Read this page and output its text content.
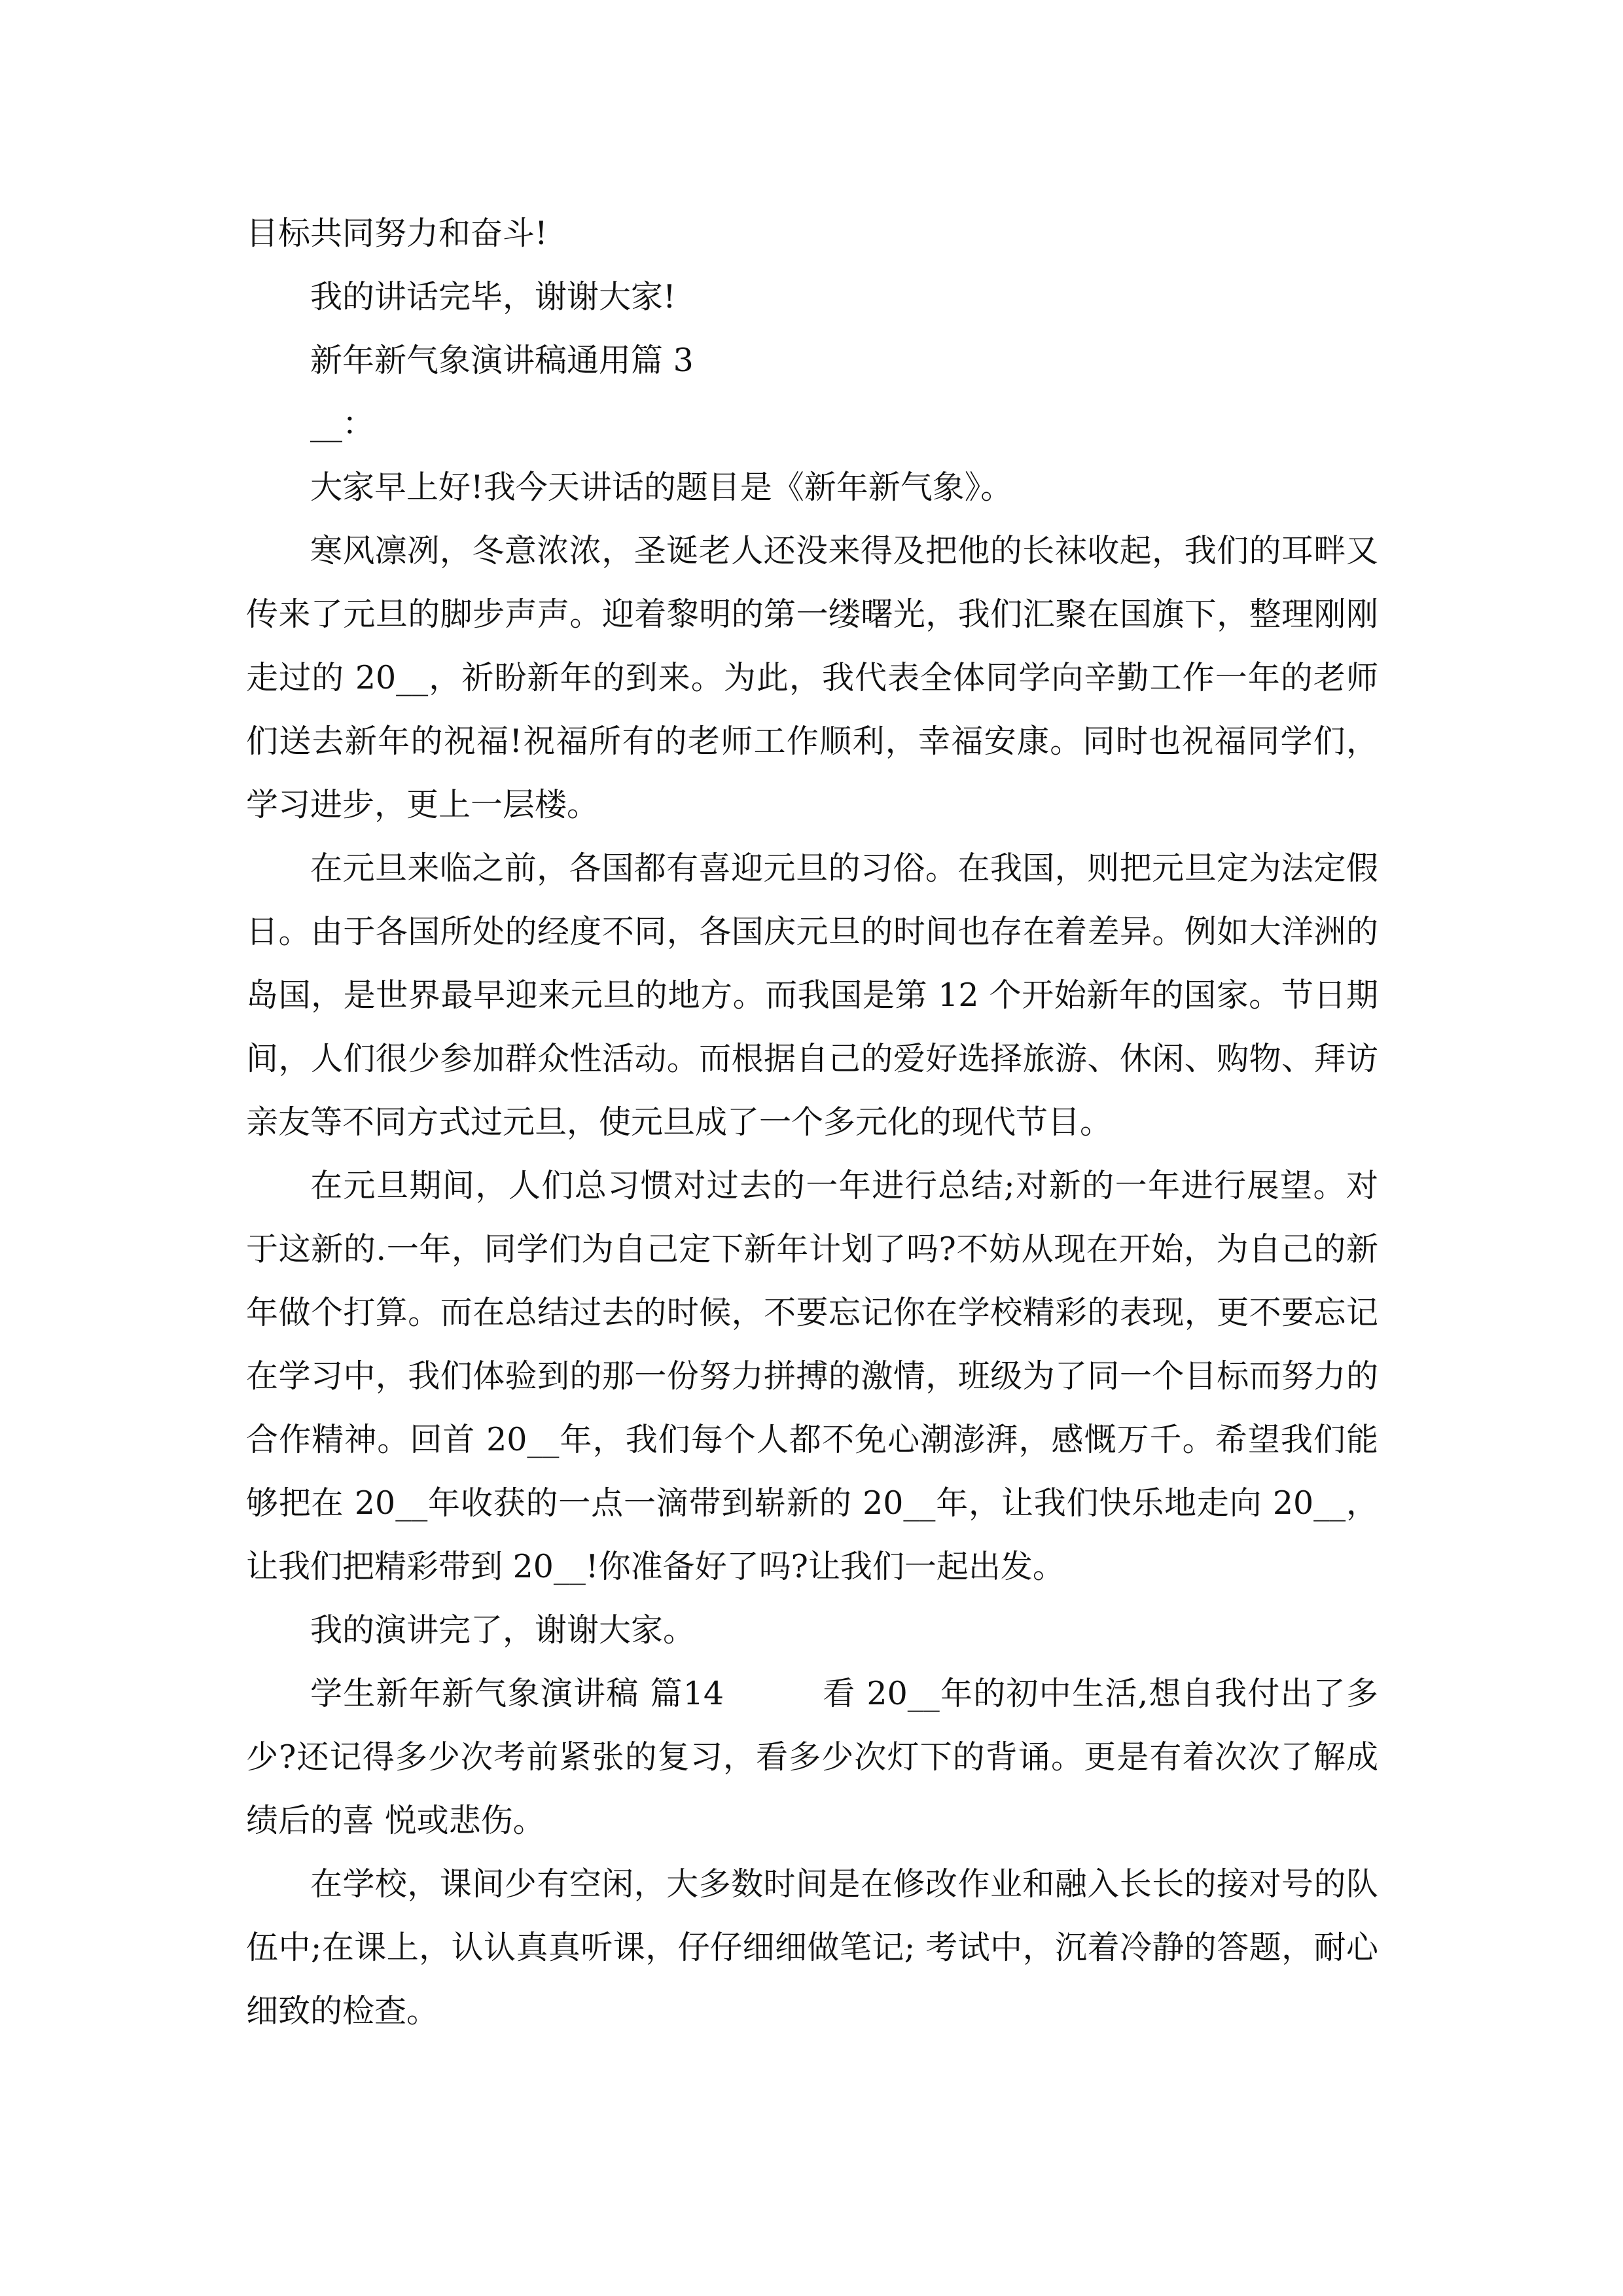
目标共同努力和奋斗!

我的讲话完毕，谢谢大家!

新年新气象演讲稿通用篇 3

__：

大家早上好!我今天讲话的题目是《新年新气象》。

寒风凛冽，冬意浓浓，圣诞老人还没来得及把他的长袜收起，我们的耳畔又传来了元旦的脚步声声。迎着黎明的第一缕曙光，我们汇聚在国旗下，整理刚刚走过的 20__，祈盼新年的到来。为此，我代表全体同学向辛勤工作一年的老师们送去新年的祝福!祝福所有的老师工作顺利，幸福安康。同时也祝福同学们，学习进步，更上一层楼。

在元旦来临之前，各国都有喜迎元旦的习俗。在我国，则把元旦定为法定假日。由于各国所处的经度不同，各国庆元旦的时间也存在着差异。例如大洋洲的岛国，是世界最早迎来元旦的地方。而我国是第 12 个开始新年的国家。节日期间，人们很少参加群众性活动。而根据自己的爱好选择旅游、休闲、购物、拜访亲友等不同方式过元旦，使元旦成了一个多元化的现代节目。

在元旦期间，人们总习惯对过去的一年进行总结;对新的一年进行展望。对于这新的.一年，同学们为自己定下新年计划了吗?不妨从现在开始，为自己的新年做个打算。而在总结过去的时候，不要忘记你在学校精彩的表现，更不要忘记在学习中，我们体验到的那一份努力拼搏的激情，班级为了同一个目标而努力的合作精神。回首 20__年，我们每个人都不免心潮澎湃，感慨万千。希望我们能够把在 20__年收获的一点一滴带到崭新的 20__年，让我们快乐地走向 20__，让我们把精彩带到 20__!你准备好了吗?让我们一起出发。

我的演讲完了，谢谢大家。

学生新年新气象演讲稿 篇14	看 20__年的初中生活,想自我付出了多少?还记得多少次考前紧张的复习，看多少次灯下的背诵。更是有着次次了解成绩后的喜 悦或悲伤。

在学校，课间少有空闲，大多数时间是在修改作业和融入长长的接对号的队伍中;在课上，认认真真听课，仔仔细细做笔记; 考试中，沉着冷静的答题，耐心细致的检查。
